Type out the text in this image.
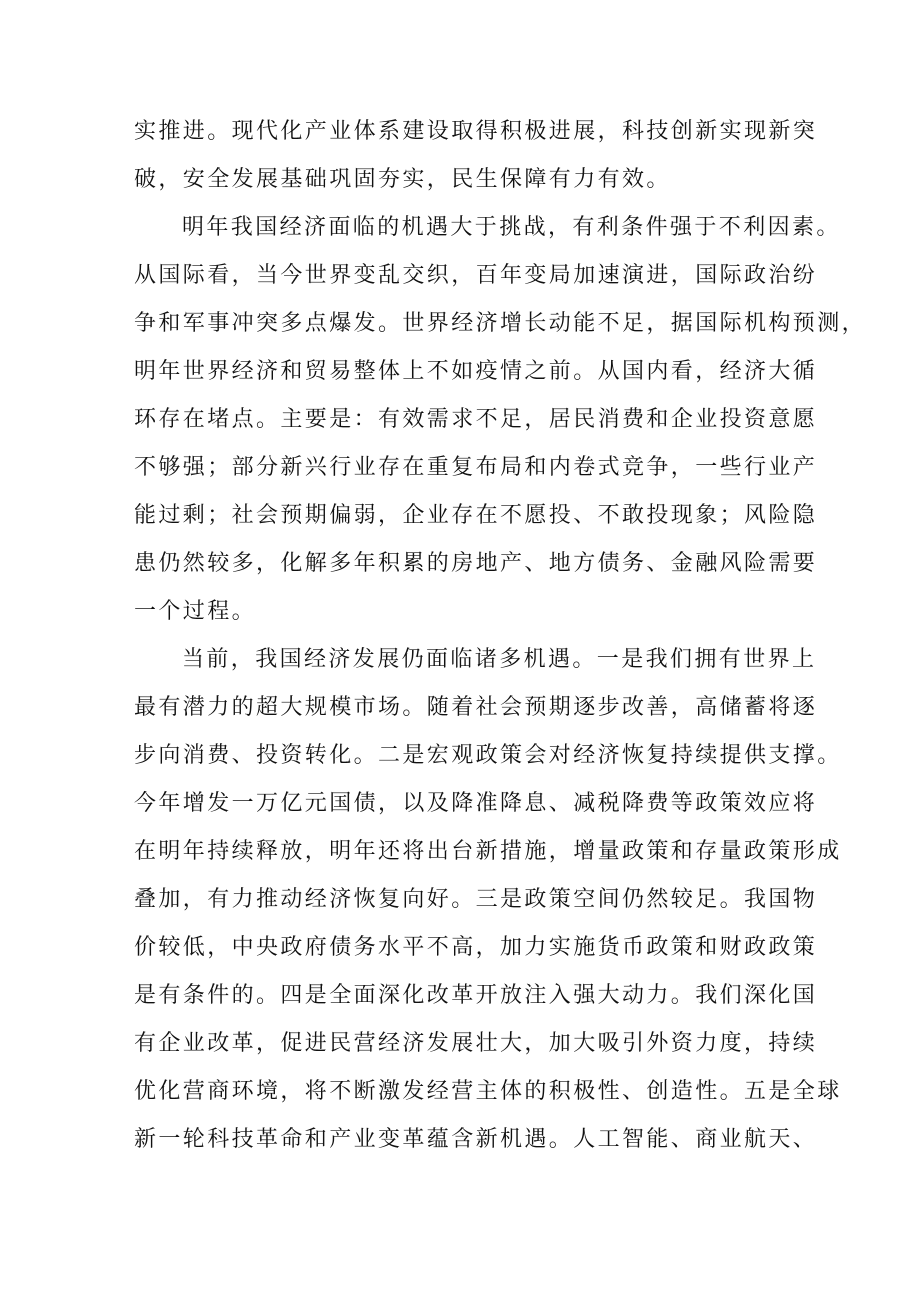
实推进。现代化产业体系建设取得积极进展，科技创新实现新突
破，安全发展基础巩固夯实，民生保障有力有效。
明年我国经济面临的机遇大于挑战，有利条件强于不利因素。
从国际看，当今世界变乱交织，百年变局加速演进，国际政治纷
争和军事冲突多点爆发。世界经济增长动能不足，据国际机构预测，
明年世界经济和贸易整体上不如疫情之前。从国内看，经济大循
环存在堵点。主要是：有效需求不足，居民消费和企业投资意愿
不够强；部分新兴行业存在重复布局和内卷式竞争，一些行业产
能过剩；社会预期偏弱，企业存在不愿投、不敢投现象；风险隐
患仍然较多，化解多年积累的房地产、地方债务、金融风险需要
一个过程。
当前，我国经济发展仍面临诸多机遇。一是我们拥有世界上
最有潜力的超大规模市场。随着社会预期逐步改善，高储蓄将逐
步向消费、投资转化。二是宏观政策会对经济恢复持续提供支撑。
今年增发一万亿元国债，以及降准降息、减税降费等政策效应将
在明年持续释放，明年还将出台新措施，增量政策和存量政策形成
叠加，有力推动经济恢复向好。三是政策空间仍然较足。我国物
价较低，中央政府债务水平不高，加力实施货币政策和财政政策
是有条件的。四是全面深化改革开放注入强大动力。我们深化国
有企业改革，促进民营经济发展壮大，加大吸引外资力度，持续
优化营商环境，将不断激发经营主体的积极性、创造性。五是全球
新一轮科技革命和产业变革蕴含新机遇。人工智能、商业航天、
